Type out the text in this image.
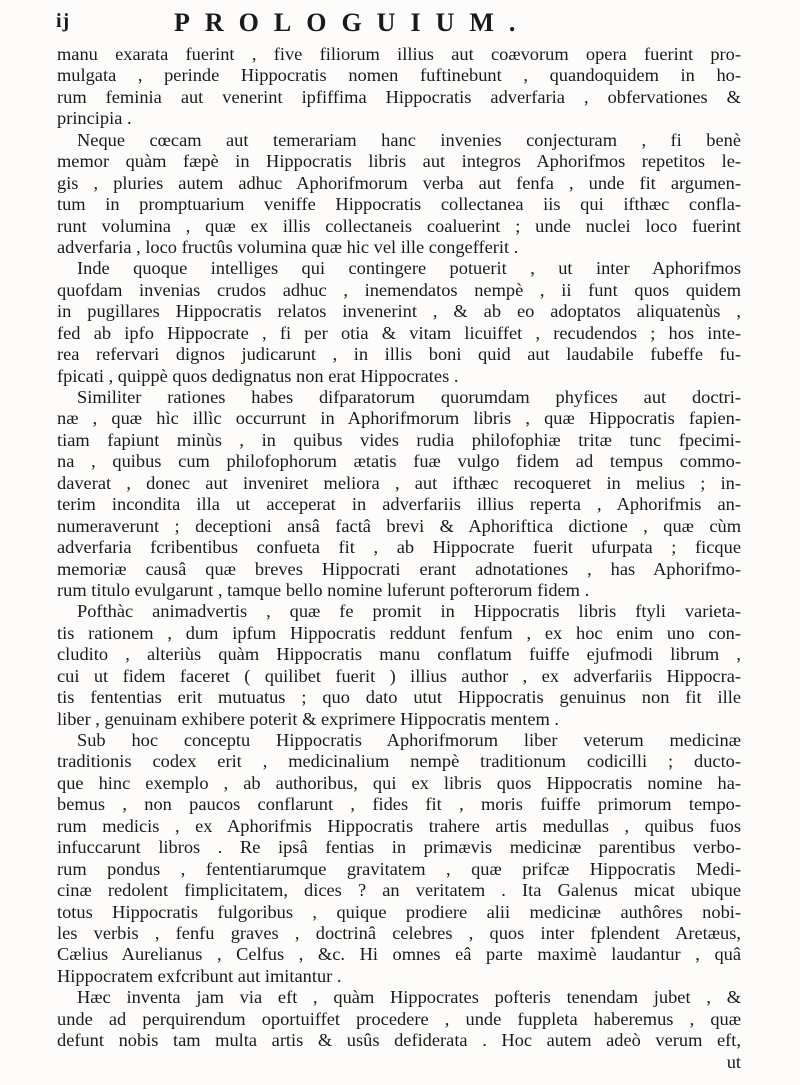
ij	PROLOGUIUM.
manu exarata fuerint , five filiorum illius aut coævorum opera fuerint pro-
mulgata , perinde Hippocratis nomen fuftinebunt , quandoquidem in ho-
rum feminia aut venerint ipfiffima Hippocratis adverfaria , obfervationes &
principia .
Neque cœcam aut temerariam hanc invenies conjecturam , fi benè
memor quàm fæpè in Hippocratis libris aut integros Aphorifmos repetitos le-
gis , pluries autem adhuc Aphorifmorum verba aut fenfa , unde fit argumen-
tum in promptuarium veniffe Hippocratis collectanea iis qui ifthæc confla-
runt volumina , quæ ex illis collectaneis coaluerint ; unde nuclei loco fuerint
adverfaria , loco fructûs volumina quæ hic vel ille congefferit .
Inde quoque intelliges qui contingere potuerit , ut inter Aphorifmos
quofdam invenias crudos adhuc , inemendatos nempè , ii funt quos quidem
in pugillares Hippocratis relatos invenerint , & ab eo adoptatos aliquatenùs ,
fed ab ipfo Hippocrate , fi per otia & vitam licuiffet , recudendos ; hos inte-
rea refervari dignos judicarunt , in illis boni quid aut laudabile fubeffe fu-
fpicati , quippè quos dedignatus non erat Hippocrates .
Similiter rationes habes difparatorum quorumdam phyfices aut doctri-
næ , quæ hìc illìc occurrunt in Aphorifmorum libris , quæ Hippocratis fapien-
tiam fapiunt minùs , in quibus vides rudia philofophiæ tritæ tunc fpecimi-
na , quibus cum philofophorum ætatis fuæ vulgo fidem ad tempus commo-
daverat , donec aut inveniret meliora , aut ifthæc recoqueret in melius ; in-
terim incondita illa ut acceperat in adverfariis illius reperta , Aphorifmis an-
numeraverunt ; deceptioni ansâ factâ brevi & Aphoriftica dictione , quæ cùm
adverfaria fcribentibus confueta fit , ab Hippocrate fuerit ufurpata ; ficque
memoriæ causâ quæ breves Hippocrati erant adnotationes , has Aphorifmo-
rum titulo evulgarunt , tamque bello nomine luferunt pofterorum fidem .
Pofthàc animadvertis , quæ fe promit in Hippocratis libris ftyli varieta-
tis rationem , dum ipfum Hippocratis reddunt fenfum , ex hoc enim uno con-
cludito , alteriùs quàm Hippocratis manu conflatum fuiffe ejufmodi librum ,
cui ut fidem faceret ( quilibet fuerit ) illius author , ex adverfariis Hippocra-
tis fententias erit mutuatus ; quo dato utut Hippocratis genuinus non fit ille
liber , genuinam exhibere poterit & exprimere Hippocratis mentem .
Sub hoc conceptu Hippocratis Aphorifmorum liber veterum medicinæ
traditionis codex erit , medicinalium nempè traditionum codicilli ; ducto-
que hinc exemplo , ab authoribus, qui ex libris quos Hippocratis nomine ha-
bemus , non paucos conflarunt , fides fit , moris fuiffe primorum tempo-
rum medicis , ex Aphorifmis Hippocratis trahere artis medullas , quibus fuos
infuccarunt libros . Re ipsâ fentias in primævis medicinæ parentibus verbo-
rum pondus , fententiarumque gravitatem , quæ prifcæ Hippocratis Medi-
cinæ redolent fimplicitatem, dices ? an veritatem . Ita Galenus micat ubique
totus Hippocratis fulgoribus , quique prodiere alii medicinæ authôres nobi-
les verbis , fenfu graves , doctrinâ celebres , quos inter fplendent Aretæus,
Cælius Aurelianus , Celfus , &c. Hi omnes eâ parte maximè laudantur , quâ
Hippocratem exfcribunt aut imitantur .
Hæc inventa jam via eft , quàm Hippocrates pofteris tenendam jubet , &
unde ad perquirendum oportuiffet procedere , unde fuppleta haberemus , quæ
defunt nobis tam multa artis & usûs defiderata . Hoc autem adeò verum eft,
ut
